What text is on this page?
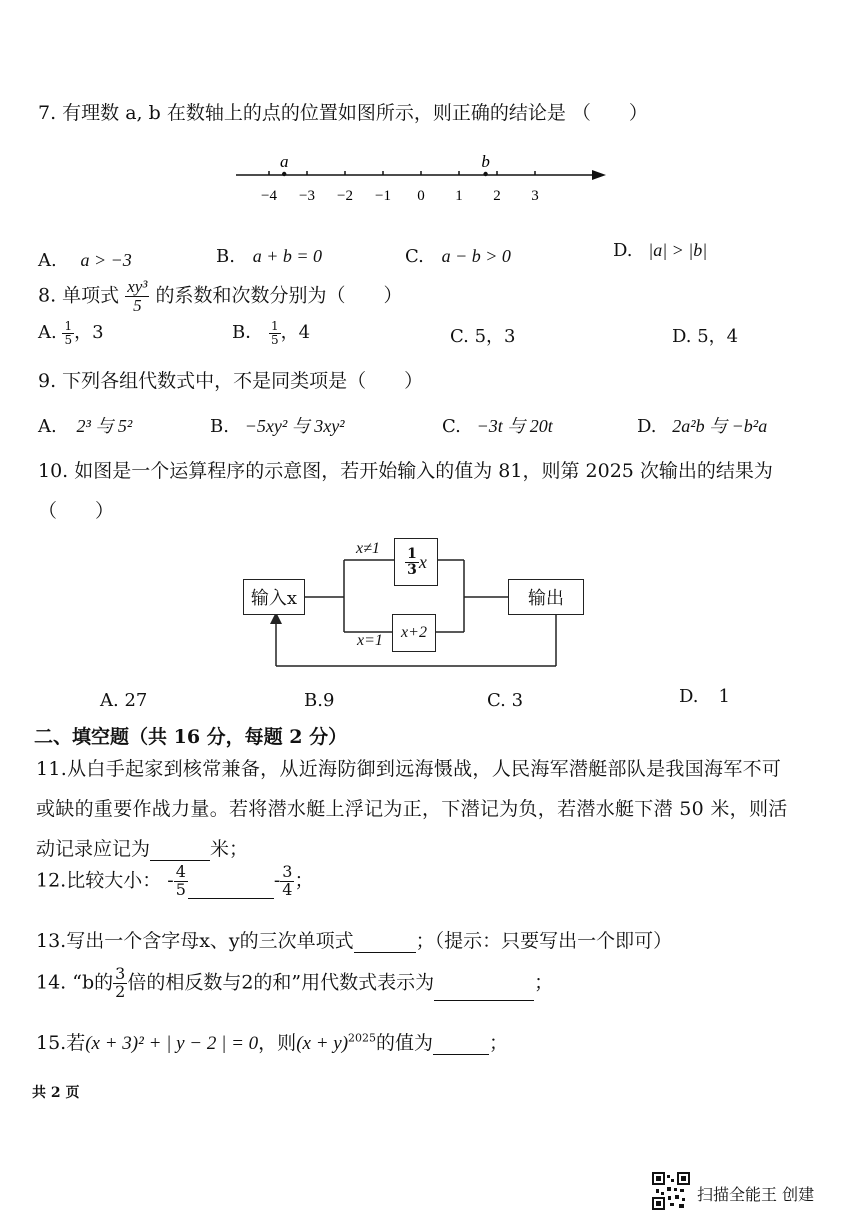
7. 有理数 a, b 在数轴上的点的位置如图所示，则正确的结论是 （　　）
−4 −3 −2 −1 0 1 2 3
a	b
A. a > −3	B. a + b = 0	C. a − b > 0	D. |a| > |b|
8. 单项式 $\frac{\text{xy³}}{5}$ 的系数和次数分别为（　　）
A. $\frac{1}{5}$ ，3	B． $\frac{1}{5}$ ，4	C. 5，3	D. 5，4
9. 下列各组代数式中，不是同类项是（　　）
A. 2³ 与 5²	B. −5xy² 与 3xy²	C. −3t 与 20t	D. 2a²b 与 −b²a
10. 如图是一个运算程序的示意图，若开始输入的值为 81，则第 2025 次输出的结果为
（　　）
输入x	输出
$\frac{1}{3}$ x
x+2
x≠1
x=1
A. 27	B.9	C. 3	D. 1
二、填空题（共 16 分，每题 2 分）
11.从白手起家到核常兼备，从近海防御到远海慑战，人民海军潜艇部队是我国海军不可
或缺的重要作战力量。若将潜水艇上浮记为正，下潜记为负，若潜水艇下潜 50 米，则活
动记录应记为	米；
12.比较大小： - $\frac{4}{5}$	- $\frac{3}{4}$ ；
13.写出一个含字母x、y的三次单项式	；（提示：只要写出一个即可）
14. “b的 $\frac{3}{2}$ 倍的相反数与2的和”用代数式表示为	；
15.若(x + 3)² + | y − 2 | = 0，则$(x + y)^{2025}$的值为	；
共 2 页
扫描全能王 创建
